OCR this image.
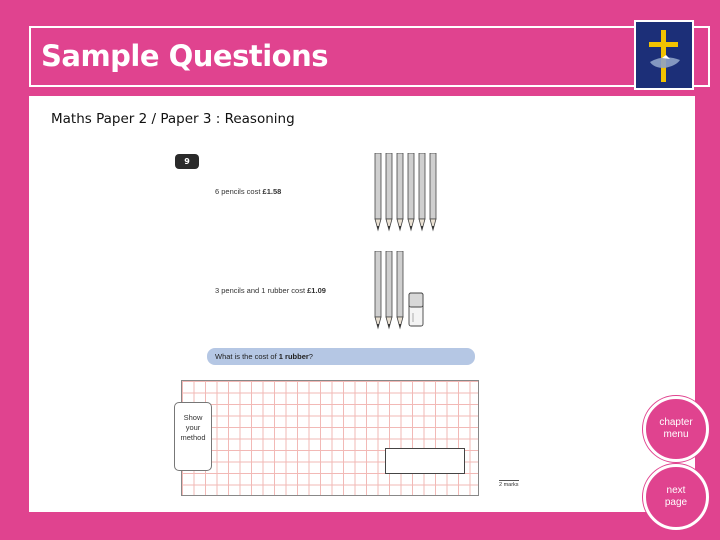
Sample Questions
Maths Paper 2 / Paper 3 : Reasoning
9
6 pencils cost £1.58
3 pencils and 1 rubber cost £1.09
What is the cost of 1 rubber?
Show
your
method
2 marks
chapter menu
next page
